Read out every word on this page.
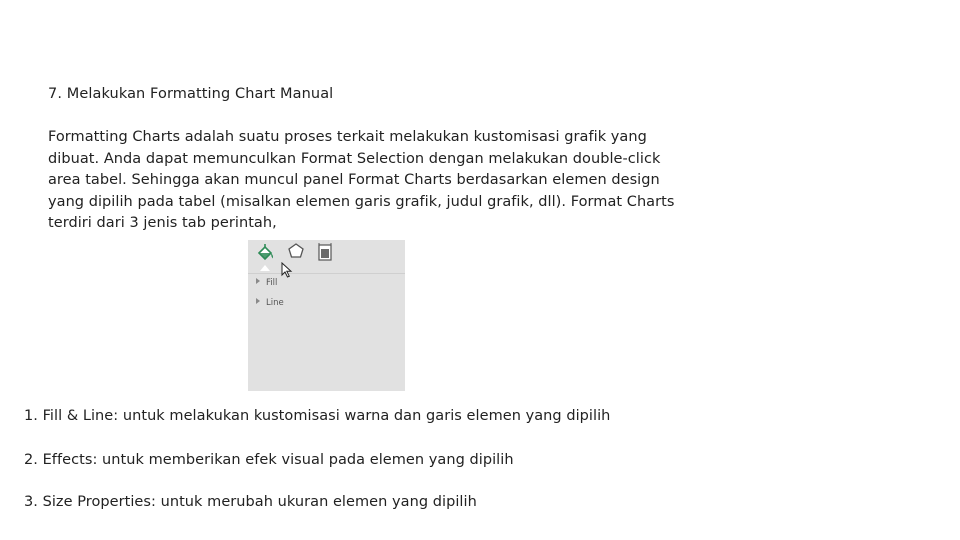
7. Melakukan Formatting Chart Manual
Formatting Charts adalah suatu proses terkait melakukan kustomisasi grafik yang
dibuat. Anda dapat memunculkan Format Selection dengan melakukan double-click
area tabel. Sehingga akan muncul panel Format Charts berdasarkan elemen design
yang dipilih pada tabel (misalkan elemen garis grafik, judul grafik, dll). Format Charts
terdiri dari 3 jenis tab perintah,
Fill
Line
1. Fill & Line: untuk melakukan kustomisasi warna dan garis elemen yang dipilih
2. Effects: untuk memberikan efek visual pada elemen yang dipilih
3. Size Properties: untuk merubah ukuran elemen yang dipilih
